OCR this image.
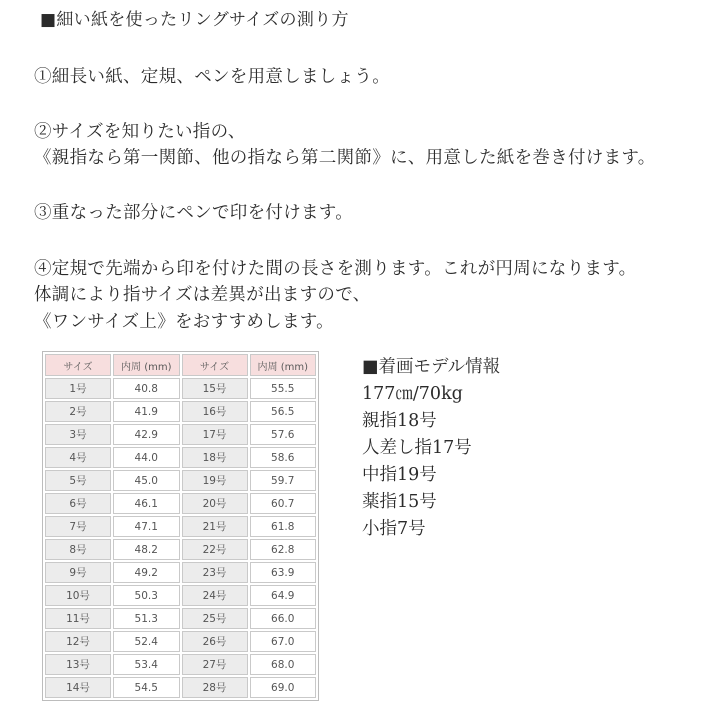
■細い紙を使ったリングサイズの測り方
①細長い紙、定規、ペンを用意しましょう。
②サイズを知りたい指の、
《親指なら第一関節、他の指なら第二関節》に、用意した紙を巻き付けます。
③重なった部分にペンで印を付けます。
④定規で先端から印を付けた間の長さを測ります。これが円周になります。
体調により指サイズは差異が出ますので、
《ワンサイズ上》をおすすめします。
サイズ	内周 (mm)	サイズ	内周 (mm)
1号	40.8	15号	55.5
2号	41.9	16号	56.5
3号	42.9	17号	57.6
4号	44.0	18号	58.6
5号	45.0	19号	59.7
6号	46.1	20号	60.7
7号	47.1	21号	61.8
8号	48.2	22号	62.8
9号	49.2	23号	63.9
10号	50.3	24号	64.9
11号	51.3	25号	66.0
12号	52.4	26号	67.0
13号	53.4	27号	68.0
14号	54.5	28号	69.0
■着画モデル情報
177㎝/70kg
親指18号
人差し指17号
中指19号
薬指15号
小指7号
